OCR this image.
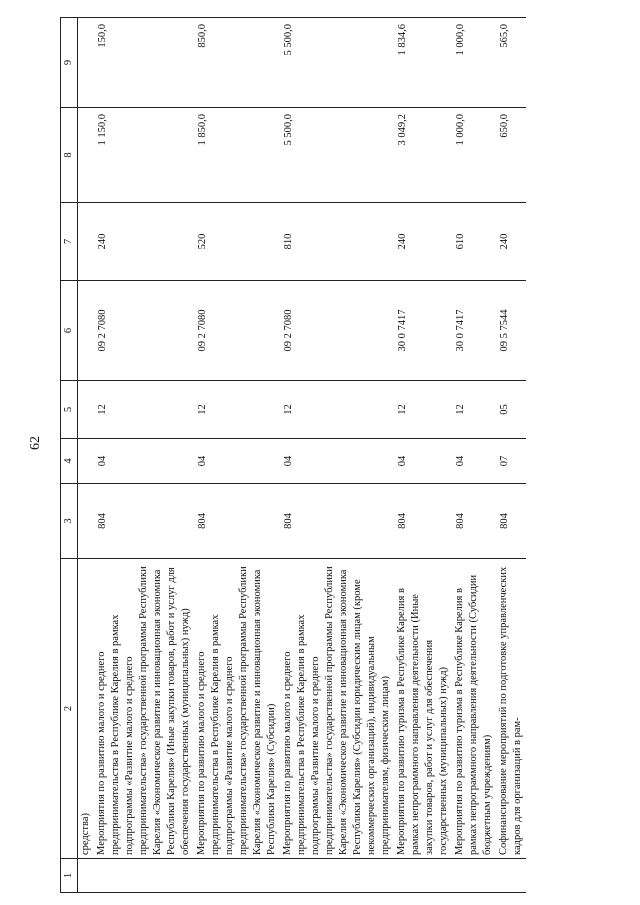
62
1	2	3	4	5	6	7	8	9
	средства)							
	Мероприятия по развитию малого и среднего предпринимательства в Республике Карелия в рамках подпрограммы «Развитие малого и среднего предпринимательства» государственной программы Республики Карелия «Экономическое развитие и инновационная экономика Республики Карелия» (Иные закупки товаров, работ и услуг для обеспечения государственных (муниципальных) нужд)	804	04	12	09 2 7080	240	1 150,0	150,0
	Мероприятия по развитию малого и среднего предпринимательства в Республике Карелия в рамках подпрограммы «Развитие малого и среднего предпринимательства» государственной программы Республики Карелия «Экономическое развитие и инновационная экономика Республики Карелия» (Субсидии)	804	04	12	09 2 7080	520	1 850,0	850,0
	Мероприятия по развитию малого и среднего предпринимательства в Республике Карелия в рамках подпрограммы «Развитие малого и среднего предпринимательства» государственной программы Республики Карелия «Экономическое развитие и инновационная экономика Республики Карелия» (Субсидии юридическим лицам (кроме некоммерческих организаций), индивидуальным предпринимателям, физическим лицам)	804	04	12	09 2 7080	810	5 500,0	5 500,0
	Мероприятия по развитию туризма в Республике Карелия в рамках непрограммного направления деятельности (Иные закупки товаров, работ и услуг для обеспечения государственных (муниципальных) нужд)	804	04	12	30 0 7417	240	3 049,2	1 834,6
	Мероприятия по развитию туризма в Республике Карелия в рамках непрограммного направления деятельности (Субсидии бюджетным учреждениям)	804	04	12	30 0 7417	610	1 000,0	1 000,0
	Софинансирование мероприятий по подготовке управленческих кадров для организаций в рам-	804	07	05	09 5 7544	240	650,0	565,0
